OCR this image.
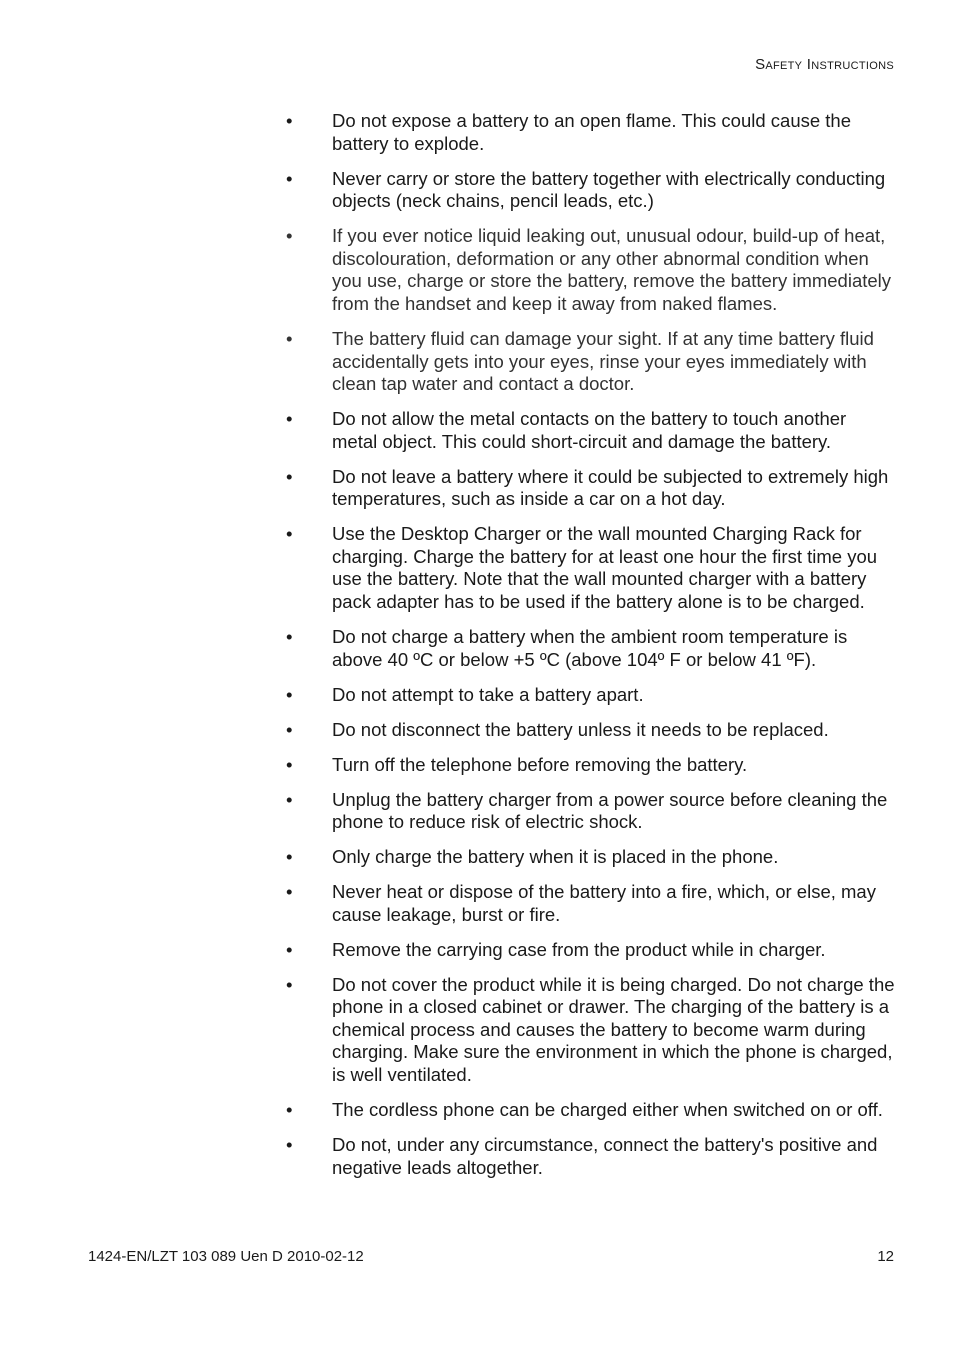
Safety Instructions
•	Do not expose a battery to an open flame. This could cause the battery to explode.
•	Never carry or store the battery together with electrically conducting objects (neck chains, pencil leads, etc.)
•	If you ever notice liquid leaking out, unusual odour, build-up of heat, discolouration, deformation or any other abnormal condition when you use, charge or store the battery, remove the battery immediately from the handset and keep it away from naked flames.
•	The battery fluid can damage your sight. If at any time battery fluid accidentally gets into your eyes, rinse your eyes immediately with clean tap water and contact a doctor.
•	Do not allow the metal contacts on the battery to touch another metal object. This could short-circuit and damage the battery.
•	Do not leave a battery where it could be subjected to extremely high temperatures, such as inside a car on a hot day.
•	Use the Desktop Charger or the wall mounted Charging Rack for charging. Charge the battery for at least one hour the first time you use the battery. Note that the wall mounted charger with a battery pack adapter has to be used if the battery alone is to be charged.
•	Do not charge a battery when the ambient room temperature is above 40 ºC or below +5 ºC (above 104º F or below 41 ºF).
•	Do not attempt to take a battery apart.
•	Do not disconnect the battery unless it needs to be replaced.
•	Turn off the telephone before removing the battery.
•	Unplug the battery charger from a power source before cleaning the phone to reduce risk of electric shock.
•	Only charge the battery when it is placed in the phone.
•	Never heat or dispose of the battery into a fire, which, or else, may cause leakage, burst or fire.
•	Remove the carrying case from the product while in charger.
•	Do not cover the product while it is being charged. Do not charge the phone in a closed cabinet or drawer. The charging of the battery is a chemical process and causes the battery to become warm during charging. Make sure the environment in which the phone is charged, is well ventilated.
•	The cordless phone can be charged either when switched on or off.
•	Do not, under any circumstance, connect the battery's positive and negative leads altogether.
1424-EN/LZT 103 089 Uen D 2010-02-12	12
